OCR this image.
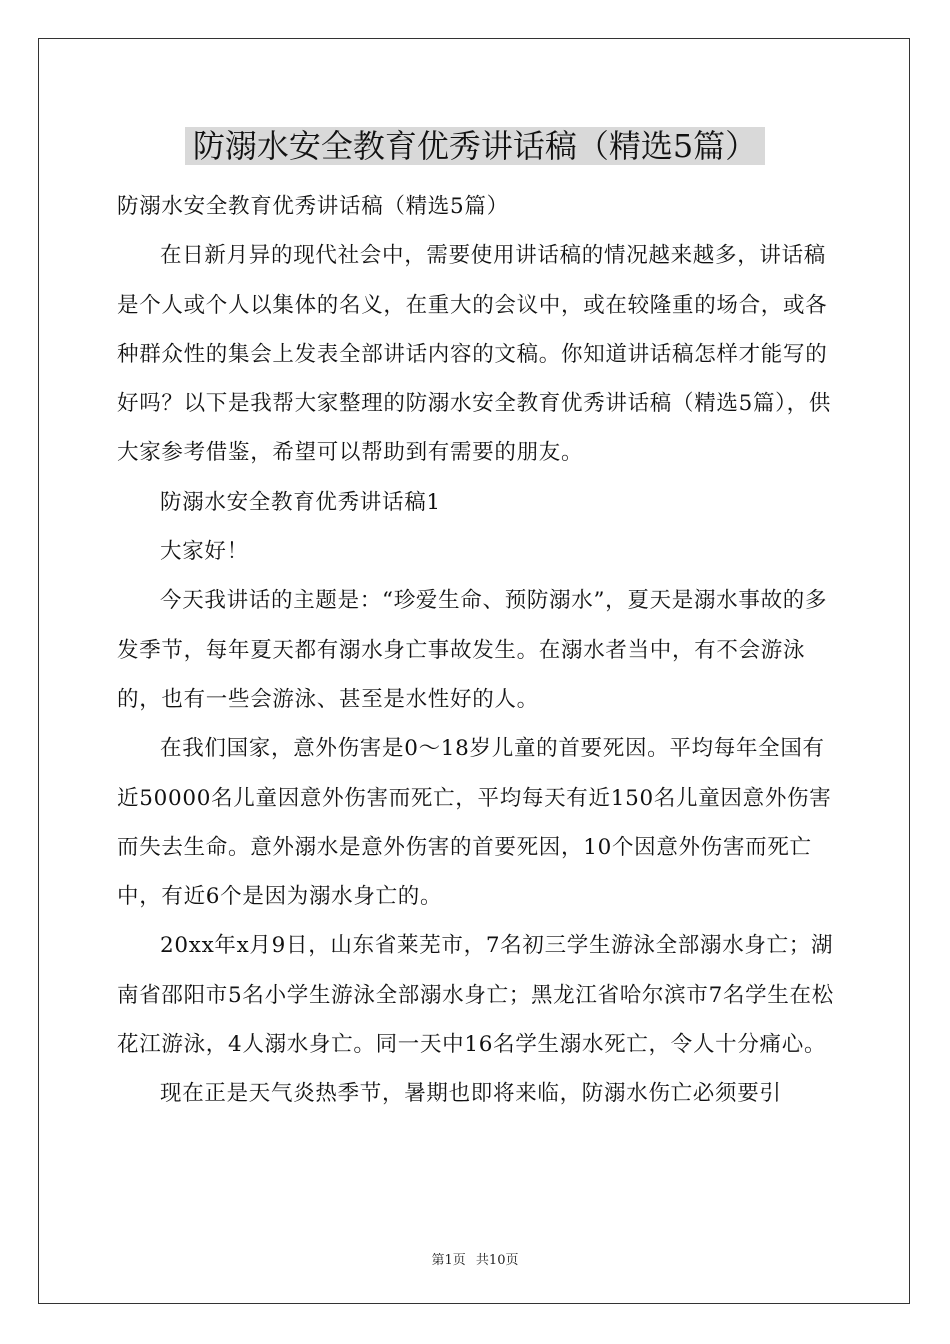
防溺水安全教育优秀讲话稿（精选5篇）

防溺水安全教育优秀讲话稿（精选5篇）

在日新月异的现代社会中，需要使用讲话稿的情况越来越多，讲话稿是个人或个人以集体的名义，在重大的会议中，或在较隆重的场合，或各种群众性的集会上发表全部讲话内容的文稿。你知道讲话稿怎样才能写的好吗？以下是我帮大家整理的防溺水安全教育优秀讲话稿（精选5篇），供大家参考借鉴，希望可以帮助到有需要的朋友。

防溺水安全教育优秀讲话稿1

大家好！

今天我讲话的主题是：“珍爱生命、预防溺水”，夏天是溺水事故的多发季节，每年夏天都有溺水身亡事故发生。在溺水者当中，有不会游泳的，也有一些会游泳、甚至是水性好的人。

在我们国家，意外伤害是0～18岁儿童的首要死因。平均每年全国有近50000名儿童因意外伤害而死亡，平均每天有近150名儿童因意外伤害而失去生命。意外溺水是意外伤害的首要死因，10个因意外伤害而死亡中，有近6个是因为溺水身亡的。

20xx年x月9日，山东省莱芜市，7名初三学生游泳全部溺水身亡；湖南省邵阳市5名小学生游泳全部溺水身亡；黑龙江省哈尔滨市7名学生在松花江游泳，4人溺水身亡。同一天中16名学生溺水死亡，令人十分痛心。

现在正是天气炎热季节，暑期也即将来临，防溺水伤亡必须要引

第1页 共10页
